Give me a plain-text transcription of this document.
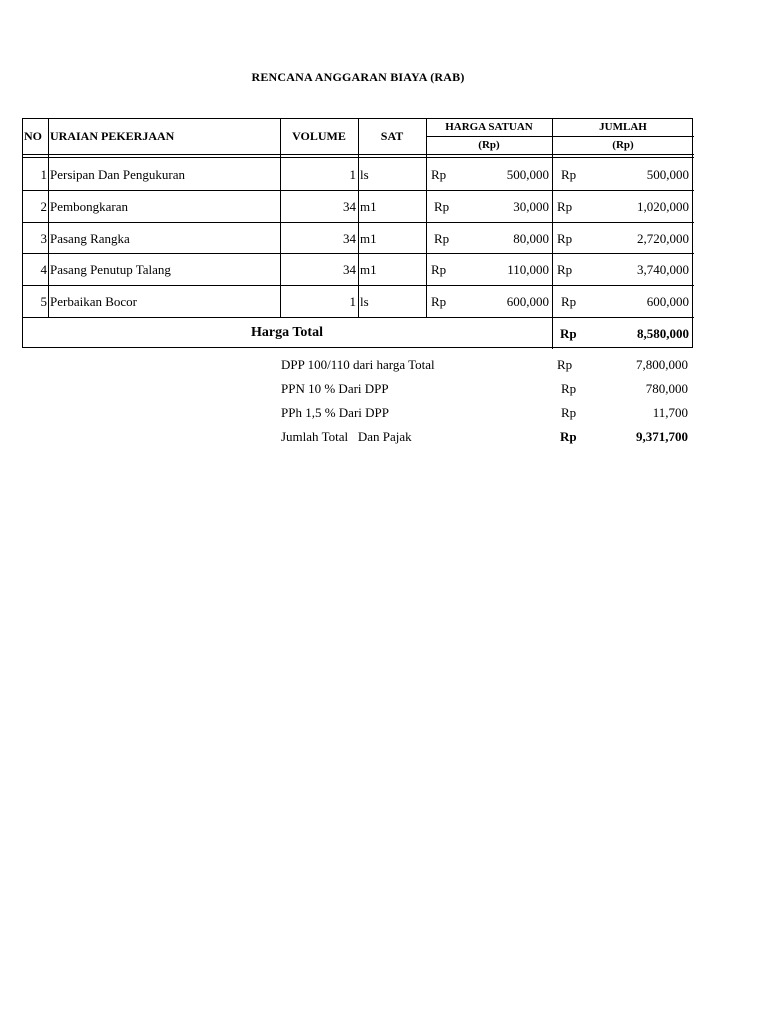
RENCANA ANGGARAN BIAYA (RAB)
NO URAIAN PEKERJAAN	VOLUME	SAT
HARGA SATUAN
(Rp)
JUMLAH
(Rp)
1 Persipan Dan Pengukuran	1 ls	Rp	500,000 Rp	500,000
2 Pembongkaran	34 m1	Rp	30,000 Rp	1,020,000
3 Pasang Rangka	34 m1	Rp	80,000 Rp	2,720,000
4 Pasang Penutup Talang	34 m1	Rp	110,000 Rp	3,740,000
5 Perbaikan Bocor	1 ls	Rp	600,000 Rp	600,000
Harga Total	Rp	8,580,000
DPP 100/110 dari harga Total	Rp	7,800,000
PPN 10 % Dari DPP	Rp	780,000
PPh 1,5 % Dari DPP	Rp	11,700
Jumlah Total   Dan Pajak	Rp	9,371,700
